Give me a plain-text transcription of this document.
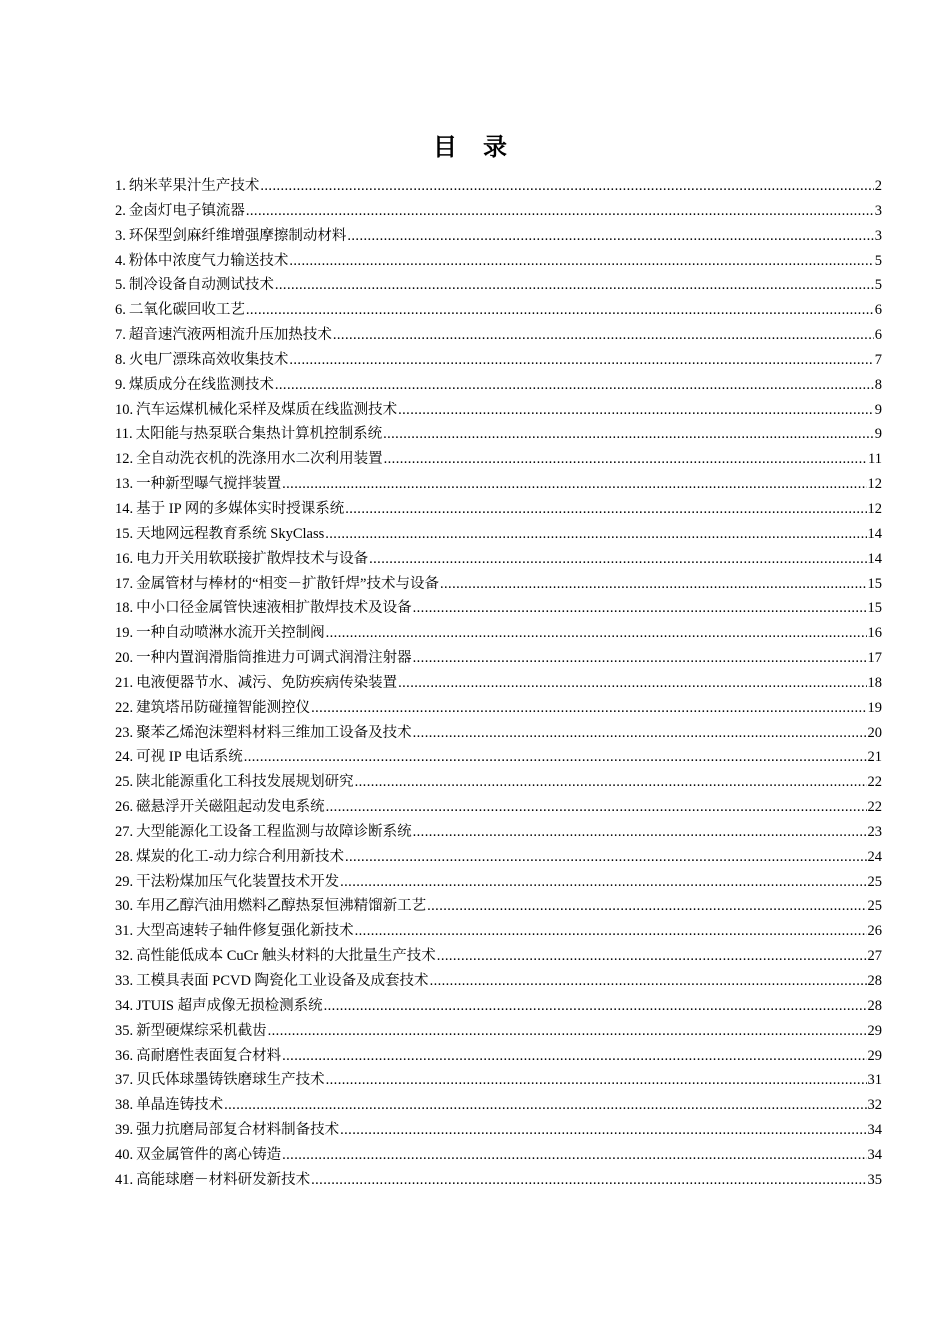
目 录
1. 纳米苹果汁生产技术 .....	2
2. 金卤灯电子镇流器 .....	3
3. 环保型剑麻纤维增强摩擦制动材料 .....	3
4. 粉体中浓度气力输送技术 .....	5
5. 制冷设备自动测试技术 .....	5
6. 二氧化碳回收工艺 .....	6
7. 超音速汽液两相流升压加热技术 .....	6
8. 火电厂漂珠高效收集技术 .....	7
9. 煤质成分在线监测技术 .....	8
10. 汽车运煤机械化采样及煤质在线监测技术 .....	9
11. 太阳能与热泵联合集热计算机控制系统 .....	9
12. 全自动洗衣机的洗涤用水二次利用装置 .....	11
13. 一种新型曝气搅拌装置 .....	12
14. 基于 IP 网的多媒体实时授课系统 .....	12
15. 天地网远程教育系统 SkyClass .....	14
16. 电力开关用软联接扩散焊技术与设备 .....	14
17. 金属管材与棒材的“相变－扩散钎焊”技术与设备 .....	15
18. 中小口径金属管快速液相扩散焊技术及设备 .....	15
19. 一种自动喷淋水流开关控制阀 .....	16
20. 一种内置润滑脂筒推进力可调式润滑注射器 .....	17
21. 电液便器节水、减污、免防疾病传染装置 .....	18
22. 建筑塔吊防碰撞智能测控仪 .....	19
23. 聚苯乙烯泡沫塑料材料三维加工设备及技术 .....	20
24. 可视 IP 电话系统 .....	21
25. 陕北能源重化工科技发展规划研究 .....	22
26. 磁悬浮开关磁阻起动发电系统 .....	22
27. 大型能源化工设备工程监测与故障诊断系统 .....	23
28. 煤炭的化工-动力综合利用新技术 .....	24
29. 干法粉煤加压气化装置技术开发 .....	25
30. 车用乙醇汽油用燃料乙醇热泵恒沸精馏新工艺 .....	25
31. 大型高速转子轴件修复强化新技术 .....	26
32. 高性能低成本 CuCr 触头材料的大批量生产技术 .....	27
33. 工模具表面 PCVD 陶瓷化工业设备及成套技术 .....	28
34. JTUIS 超声成像无损检测系统 .....	28
35. 新型硬煤综采机截齿 .....	29
36. 高耐磨性表面复合材料 .....	29
37. 贝氏体球墨铸铁磨球生产技术 .....	31
38. 单晶连铸技术 .....	32
39. 强力抗磨局部复合材料制备技术 .....	34
40. 双金属管件的离心铸造 .....	34
41. 高能球磨－材料研发新技术 .....	35
